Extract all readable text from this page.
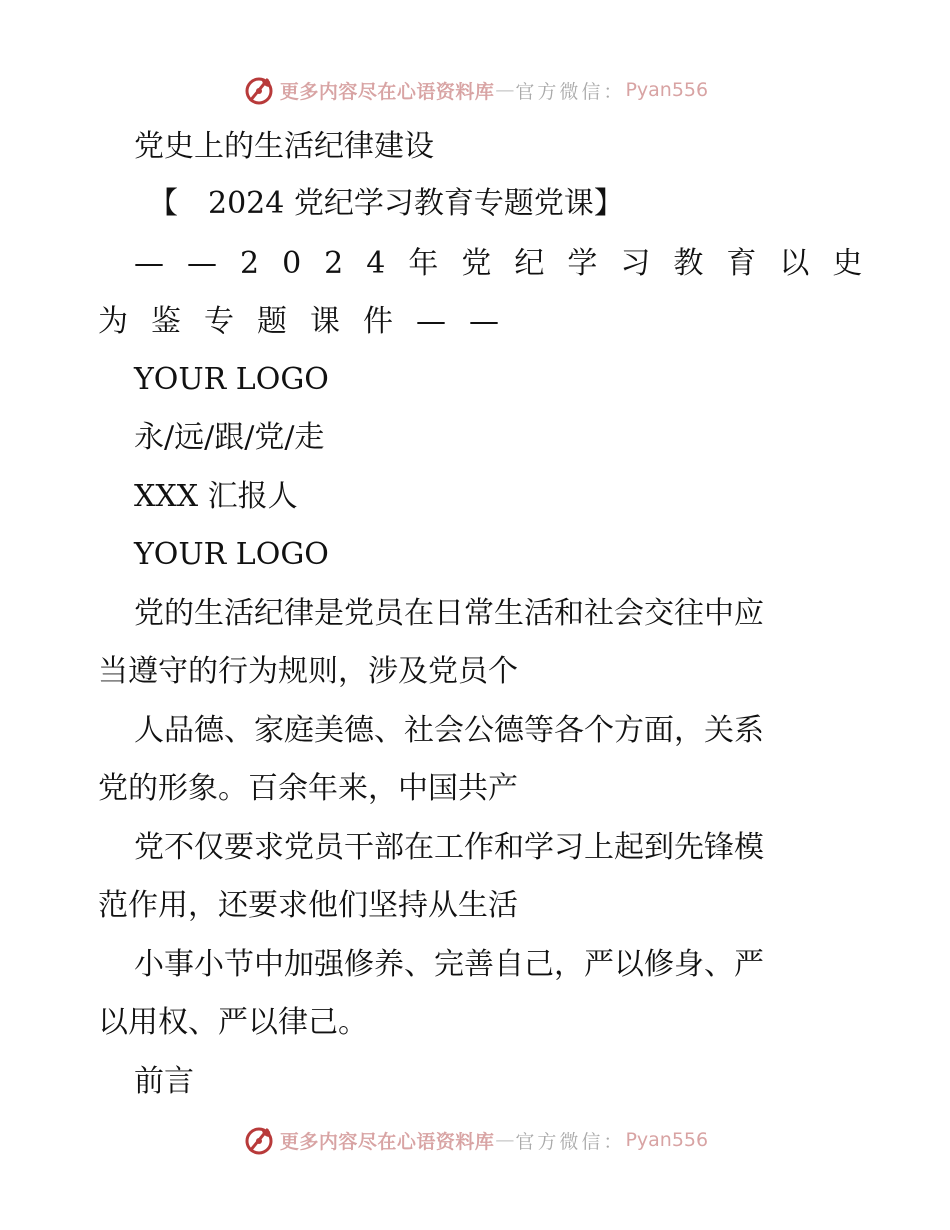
更多内容尽在心语资料库 — 官方微信： Pyan556
党史上的生活纪律建设
【　2024 党纪学习教育专题党课】
——2024年党纪学习教育以史
为鉴专题课件——
YOUR LOGO
永/远/跟/党/走
XXX 汇报人
YOUR LOGO
党的生活纪律是党员在日常生活和社会交往中应
当遵守的行为规则，涉及党员个
人品德、家庭美德、社会公德等各个方面，关系
党的形象。百余年来，中国共产
党不仅要求党员干部在工作和学习上起到先锋模
范作用，还要求他们坚持从生活
小事小节中加强修养、完善自己，严以修身、严
以用权、严以律己。
前言
更多内容尽在心语资料库 — 官方微信： Pyan556
